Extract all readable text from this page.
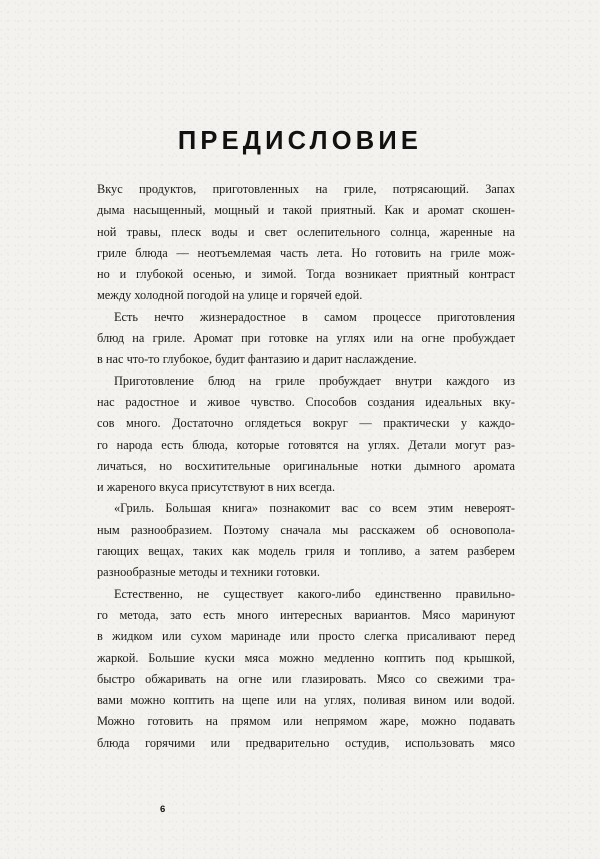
ПРЕДИСЛОВИЕ
Вкус продуктов, приготовленных на гриле, потрясающий. Запах
дыма насыщенный, мощный и такой приятный. Как и аромат скошен-
ной травы, плеск воды и свет ослепительного солнца, жаренные на
гриле блюда — неотъемлемая часть лета. Но готовить на гриле мож-
но и глубокой осенью, и зимой. Тогда возникает приятный контраст
между холодной погодой на улице и горячей едой.
Есть нечто жизнерадостное в самом процессе приготовления
блюд на гриле. Аромат при готовке на углях или на огне пробуждает
в нас что-то глубокое, будит фантазию и дарит наслаждение.
Приготовление блюд на гриле пробуждает внутри каждого из
нас радостное и живое чувство. Способов создания идеальных вку-
сов много. Достаточно оглядеться вокруг — практически у каждо-
го народа есть блюда, которые готовятся на углях. Детали могут раз-
личаться, но восхитительные оригинальные нотки дымного аромата
и жареного вкуса присутствуют в них всегда.
«Гриль. Большая книга» познакомит вас со всем этим невероят-
ным разнообразием. Поэтому сначала мы расскажем об основопола-
гающих вещах, таких как модель гриля и топливо, а затем разберем
разнообразные методы и техники готовки.
Естественно, не существует какого-либо единственно правильно-
го метода, зато есть много интересных вариантов. Мясо маринуют
в жидком или сухом маринаде или просто слегка присаливают перед
жаркой. Большие куски мяса можно медленно коптить под крышкой,
быстро обжаривать на огне или глазировать. Мясо со свежими тра-
вами можно коптить на щепе или на углях, поливая вином или водой.
Можно готовить на прямом или непрямом жаре, можно подавать
блюда горячими или предварительно остудив, использовать мясо
6
